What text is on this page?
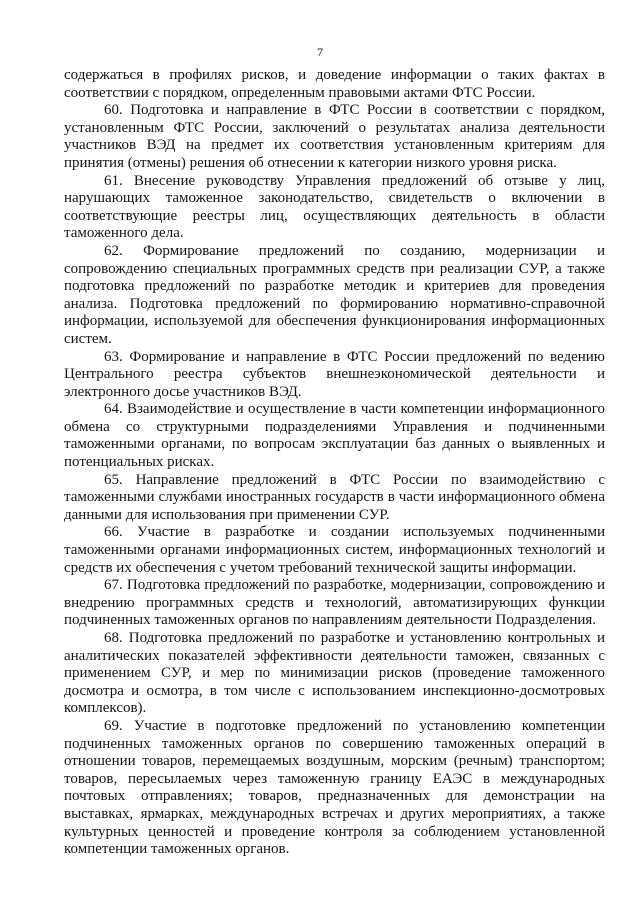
7

содержаться в профилях рисков, и доведение информации о таких фактах в соответствии с порядком, определенным правовыми актами ФТС России.

60. Подготовка и направление в ФТС России в соответствии с порядком, установленным ФТС России, заключений о результатах анализа деятельности участников ВЭД на предмет их соответствия установленным критериям для принятия (отмены) решения об отнесении к категории низкого уровня риска.

61. Внесение руководству Управления предложений об отзыве у лиц, нарушающих таможенное законодательство, свидетельств о включении в соответствующие реестры лиц, осуществляющих деятельность в области таможенного дела.

62. Формирование предложений по созданию, модернизации и сопровождению специальных программных средств при реализации СУР, а также подготовка предложений по разработке методик и критериев для проведения анализа. Подготовка предложений по формированию нормативно-справочной информации, используемой для обеспечения функционирования информационных систем.

63. Формирование и направление в ФТС России предложений по ведению Центрального реестра субъектов внешнеэкономической деятельности и электронного досье участников ВЭД.

64. Взаимодействие и осуществление в части компетенции информационного обмена со структурными подразделениями Управления и подчиненными таможенными органами, по вопросам эксплуатации баз данных о выявленных и потенциальных рисках.

65. Направление предложений в ФТС России по взаимодействию с таможенными службами иностранных государств в части информационного обмена данными для использования при применении СУР.

66. Участие в разработке и создании используемых подчиненными таможенными органами информационных систем, информационных технологий и средств их обеспечения с учетом требований технической защиты информации.

67. Подготовка предложений по разработке, модернизации, сопровождению и внедрению программных средств и технологий, автоматизирующих функции подчиненных таможенных органов по направлениям деятельности Подразделения.

68. Подготовка предложений по разработке и установлению контрольных и аналитических показателей эффективности деятельности таможен, связанных с применением СУР, и мер по минимизации рисков (проведение таможенного досмотра и осмотра, в том числе с использованием инспекционно-досмотровых комплексов).

69. Участие в подготовке предложений по установлению компетенции подчиненных таможенных органов по совершению таможенных операций в отношении товаров, перемещаемых воздушным, морским (речным) транспортом; товаров, пересылаемых через таможенную границу ЕАЭС в международных почтовых отправлениях; товаров, предназначенных для демонстрации на выставках, ярмарках, международных встречах и других мероприятиях, а также культурных ценностей и проведение контроля за соблюдением установленной компетенции таможенных органов.
